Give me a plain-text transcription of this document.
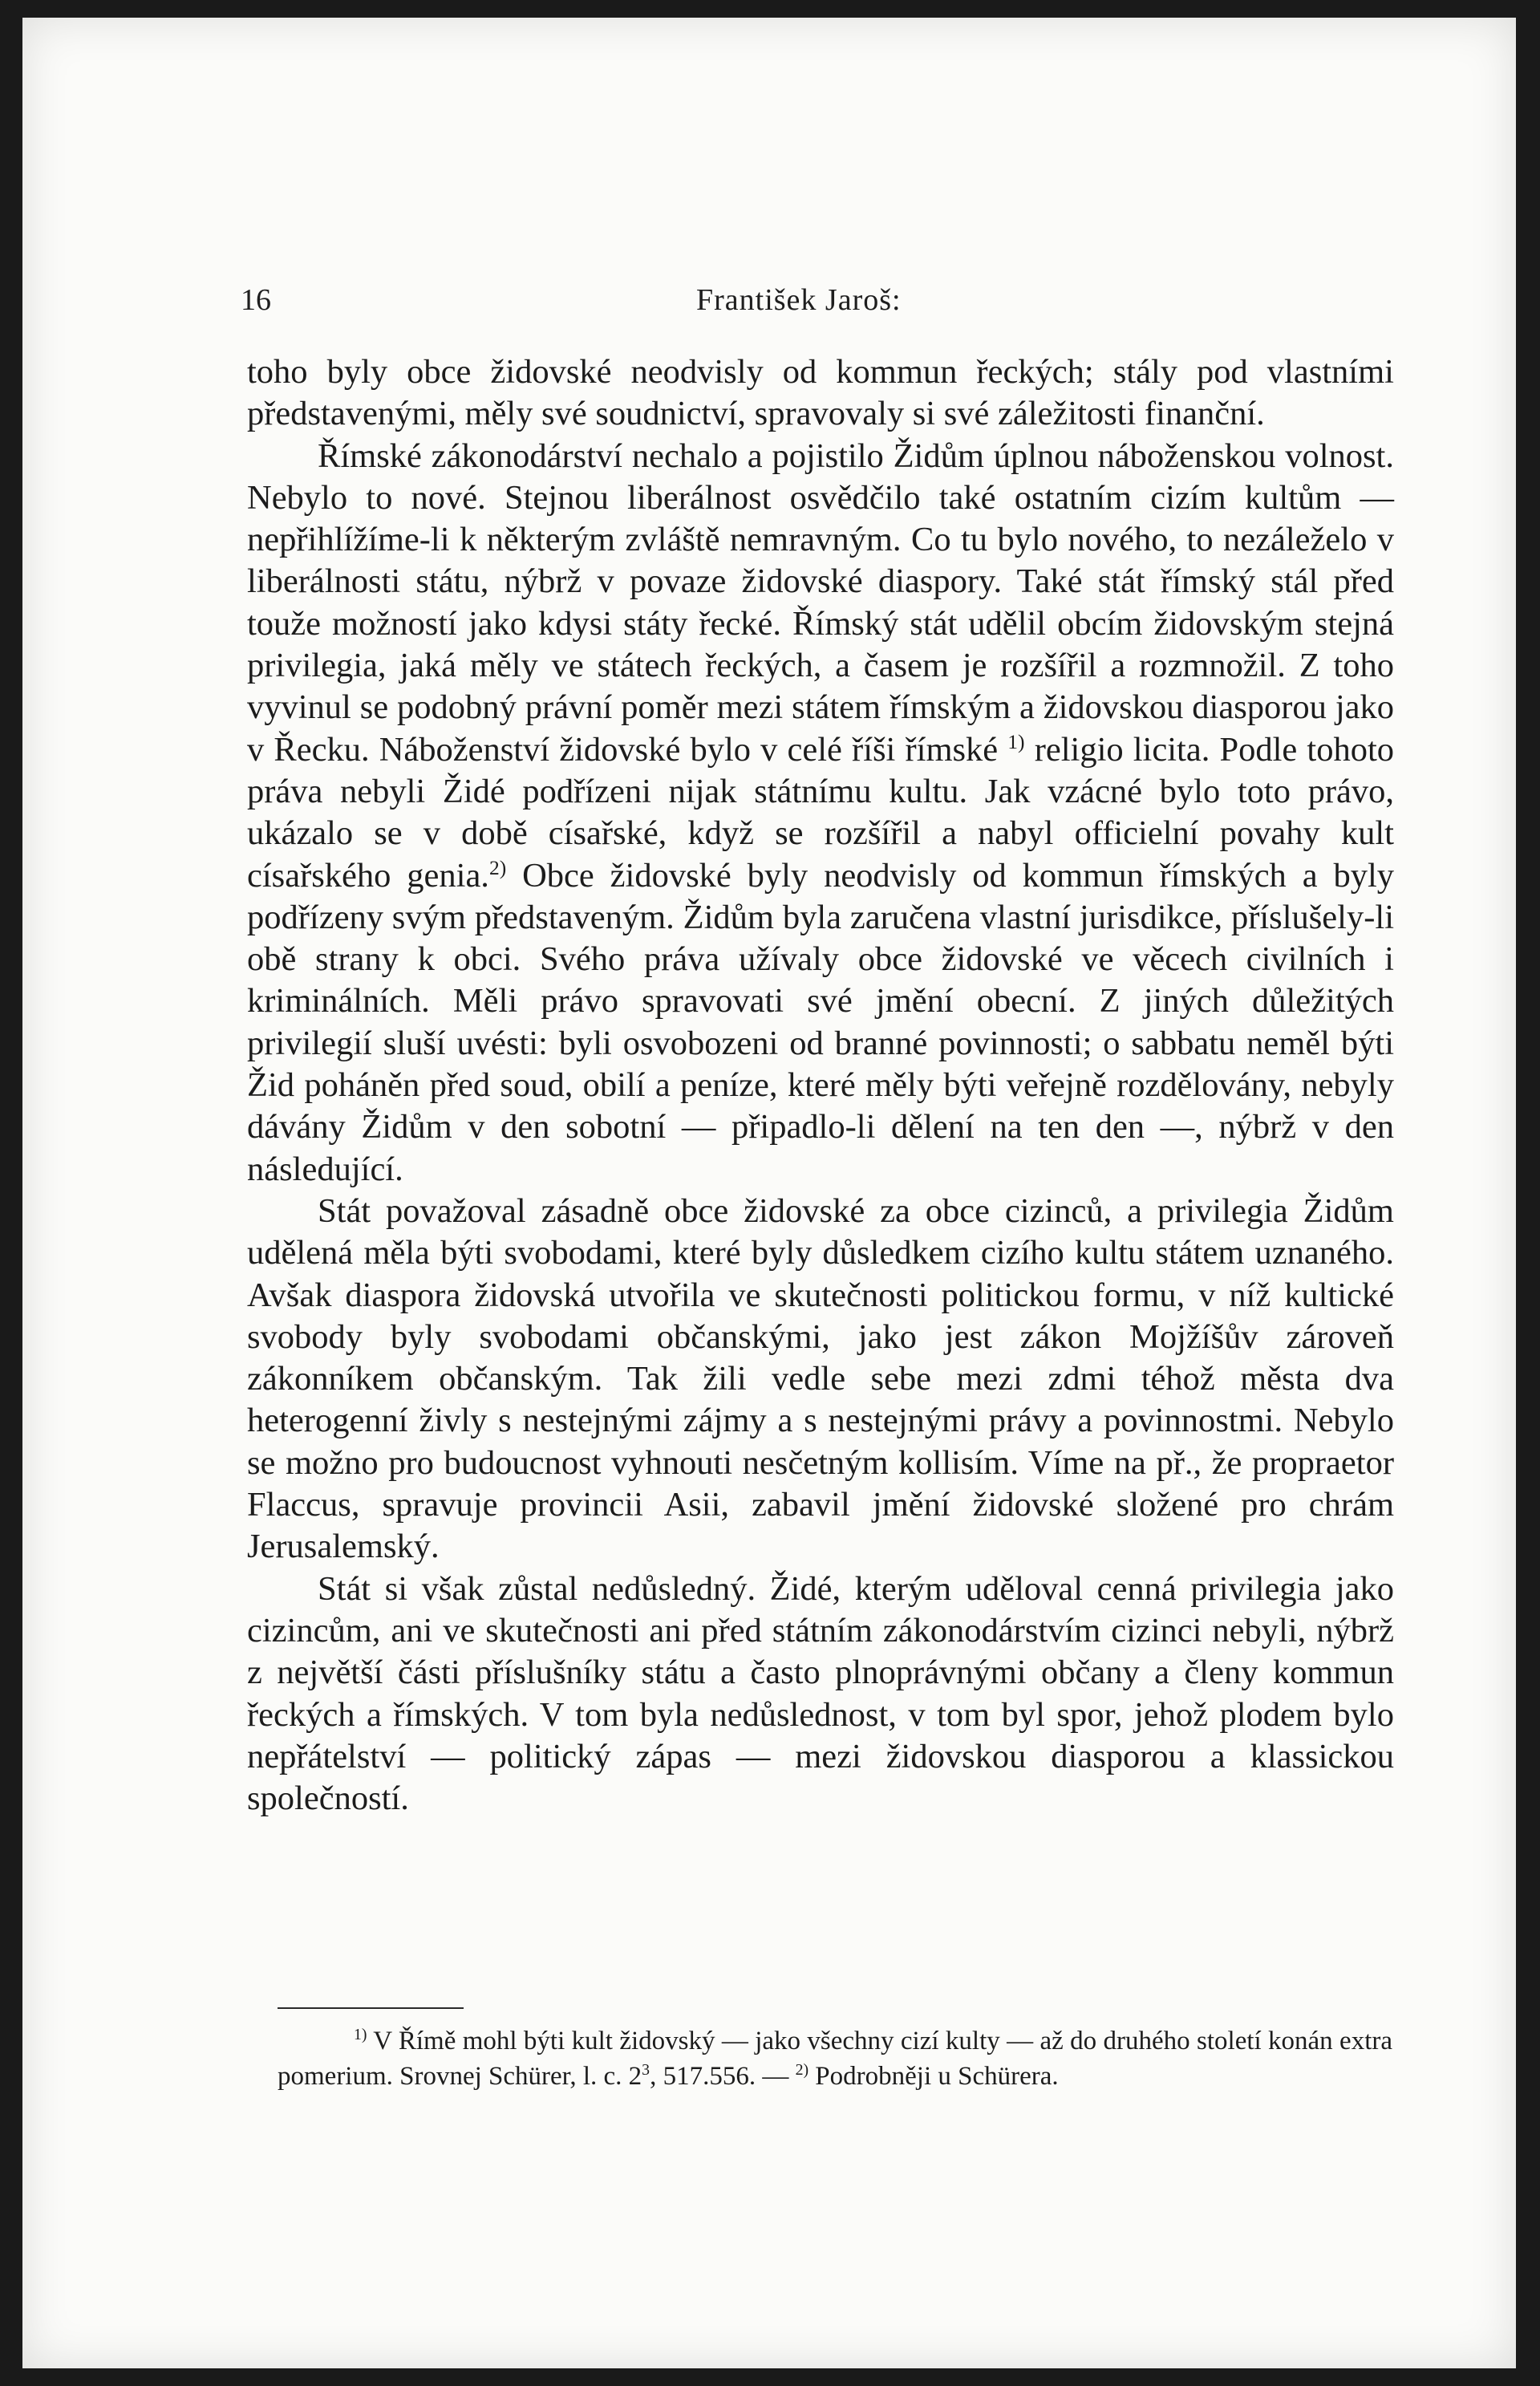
16	František Jaroš:

toho byly obce židovské neodvisly od kommun řeckých; stály pod vlastními představenými, měly své soudnictví, spravovaly si své záležitosti finanční.

Římské zákonodárství nechalo a pojistilo Židům úplnou náboženskou volnost. Nebylo to nové. Stejnou liberálnost osvědčilo také ostatním cizím kultům — nepřihlížíme-li k některým zvláště nemravným. Co tu bylo nového, to nezáleželo v liberálnosti státu, nýbrž v povaze židovské diaspory. Také stát římský stál před touže možností jako kdysi státy řecké. Římský stát udělil obcím židovským stejná privilegia, jaká měly ve státech řeckých, a časem je rozšířil a rozmnožil. Z toho vyvinul se podobný právní poměr mezi státem římským a židovskou diasporou jako v Řecku. Náboženství židovské bylo v celé říši římské $^{1)}$ religio licita. Podle tohoto práva nebyli Židé podřízeni nijak státnímu kultu. Jak vzácné bylo toto právo, ukázalo se v době císařské, když se rozšířil a nabyl officielní povahy kult císařského genia.$^{2)}$ Obce židovské byly neodvisly od kommun římských a byly podřízeny svým představeným. Židům byla zaručena vlastní jurisdikce, příslušely-li obě strany k obci. Svého práva užívaly obce židovské ve věcech civilních i kriminálních. Měli právo spravovati své jmění obecní. Z jiných důležitých privilegií sluší uvésti: byli osvobozeni od branné povinnosti; o sabbatu neměl býti Žid poháněn před soud, obilí a peníze, které měly býti veřejně rozdělovány, nebyly dávány Židům v den sobotní — připadlo-li dělení na ten den —, nýbrž v den následující.

Stát považoval zásadně obce židovské za obce cizinců, a privilegia Židům udělená měla býti svobodami, které byly důsledkem cizího kultu státem uznaného. Avšak diaspora židovská utvořila ve skutečnosti politickou formu, v níž kultické svobody byly svobodami občanskými, jako jest zákon Mojžíšův zároveň zákonníkem občanským. Tak žili vedle sebe mezi zdmi téhož města dva heterogenní živly s nestejnými zájmy a s nestejnými právy a povinnostmi. Nebylo se možno pro budoucnost vyhnouti nesčetným kollisím. Víme na př., že propraetor Flaccus, spravuje provincii Asii, zabavil jmění židovské složené pro chrám Jerusalemský.

Stát si však zůstal nedůsledný. Židé, kterým uděloval cenná privilegia jako cizincům, ani ve skutečnosti ani před státním zákonodárstvím cizinci nebyli, nýbrž z největší části příslušníky státu a často plnoprávnými občany a členy kommun řeckých a římských. V tom byla nedůslednost, v tom byl spor, jehož plodem bylo nepřátelství — politický zápas — mezi židovskou diasporou a klassickou společností.

$^{1)}$ V Římě mohl býti kult židovský — jako všechny cizí kulty — až do druhého století konán extra pomerium. Srovnej Schürer, l. c. $2^3$, 517.556. — $^{2)}$ Podrobněji u Schürera.
